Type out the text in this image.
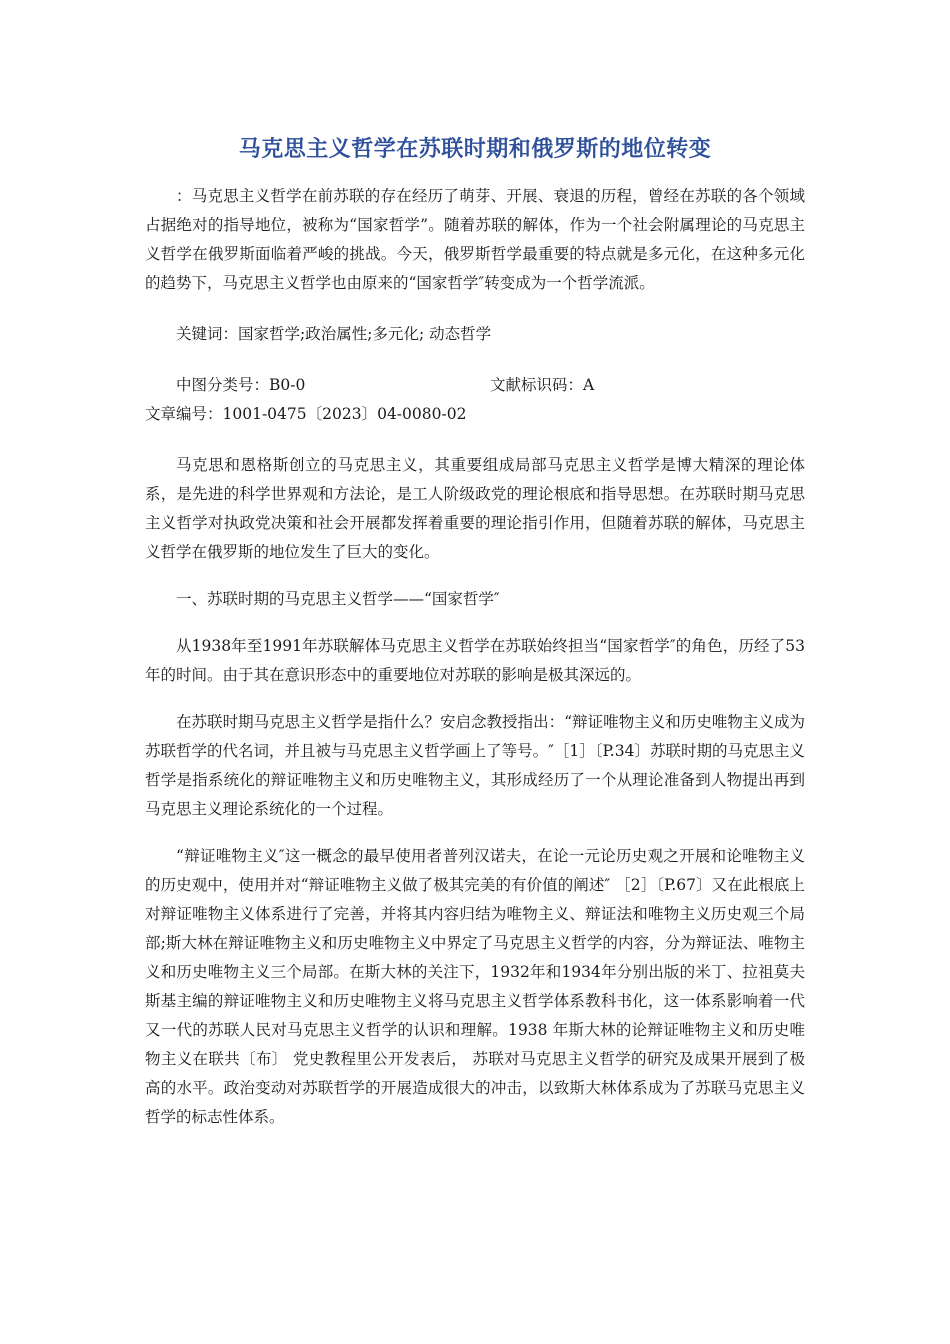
马克思主义哲学在苏联时期和俄罗斯的地位转变

：马克思主义哲学在前苏联的存在经历了萌芽、开展、衰退的历程，曾经在苏联的各个领域占据绝对的指导地位，被称为“国家哲学”。随着苏联的解体，作为一个社会附属理论的马克思主义哲学在俄罗斯面临着严峻的挑战。今天，俄罗斯哲学最重要的特点就是多元化，在这种多元化的趋势下，马克思主义哲学也由原来的“国家哲学″转变成为一个哲学流派。

关键词：国家哲学;政治属性;多元化; 动态哲学

中图分类号：B0-0	文献标识码：A

文章编号：1001-0475〔2023〕04-0080-02

马克思和恩格斯创立的马克思主义，其重要组成局部马克思主义哲学是博大精深的理论体系，是先进的科学世界观和方法论，是工人阶级政党的理论根底和指导思想。在苏联时期马克思主义哲学对执政党决策和社会开展都发挥着重要的理论指引作用，但随着苏联的解体，马克思主义哲学在俄罗斯的地位发生了巨大的变化。

一、苏联时期的马克思主义哲学——“国家哲学″

从1938年至1991年苏联解体马克思主义哲学在苏联始终担当“国家哲学″的角色，历经了53年的时间。由于其在意识形态中的重要地位对苏联的影响是极其深远的。

在苏联时期马克思主义哲学是指什么？安启念教授指出：“辩证唯物主义和历史唯物主义成为苏联哲学的代名词，并且被与马克思主义哲学画上了等号。″［1］〔P.34〕苏联时期的马克思主义哲学是指系统化的辩证唯物主义和历史唯物主义，其形成经历了一个从理论准备到人物提出再到马克思主义理论系统化的一个过程。

“辩证唯物主义″这一概念的最早使用者普列汉诺夫，在论一元论历史观之开展和论唯物主义的历史观中，使用并对“辩证唯物主义做了极其完美的有价值的阐述″ ［2］〔P.67〕又在此根底上对辩证唯物主义体系进行了完善，并将其内容归结为唯物主义、辩证法和唯物主义历史观三个局部;斯大林在辩证唯物主义和历史唯物主义中界定了马克思主义哲学的内容，分为辩证法、唯物主义和历史唯物主义三个局部。在斯大林的关注下，1932年和1934年分别出版的米丁、拉祖莫夫斯基主编的辩证唯物主义和历史唯物主义将马克思主义哲学体系教科书化，这一体系影响着一代又一代的苏联人民对马克思主义哲学的认识和理解。1938 年斯大林的论辩证唯物主义和历史唯物主义在联共〔布〕 党史教程里公开发表后， 苏联对马克思主义哲学的研究及成果开展到了极高的水平。政治变动对苏联哲学的开展造成很大的冲击，以致斯大林体系成为了苏联马克思主义哲学的标志性体系。
